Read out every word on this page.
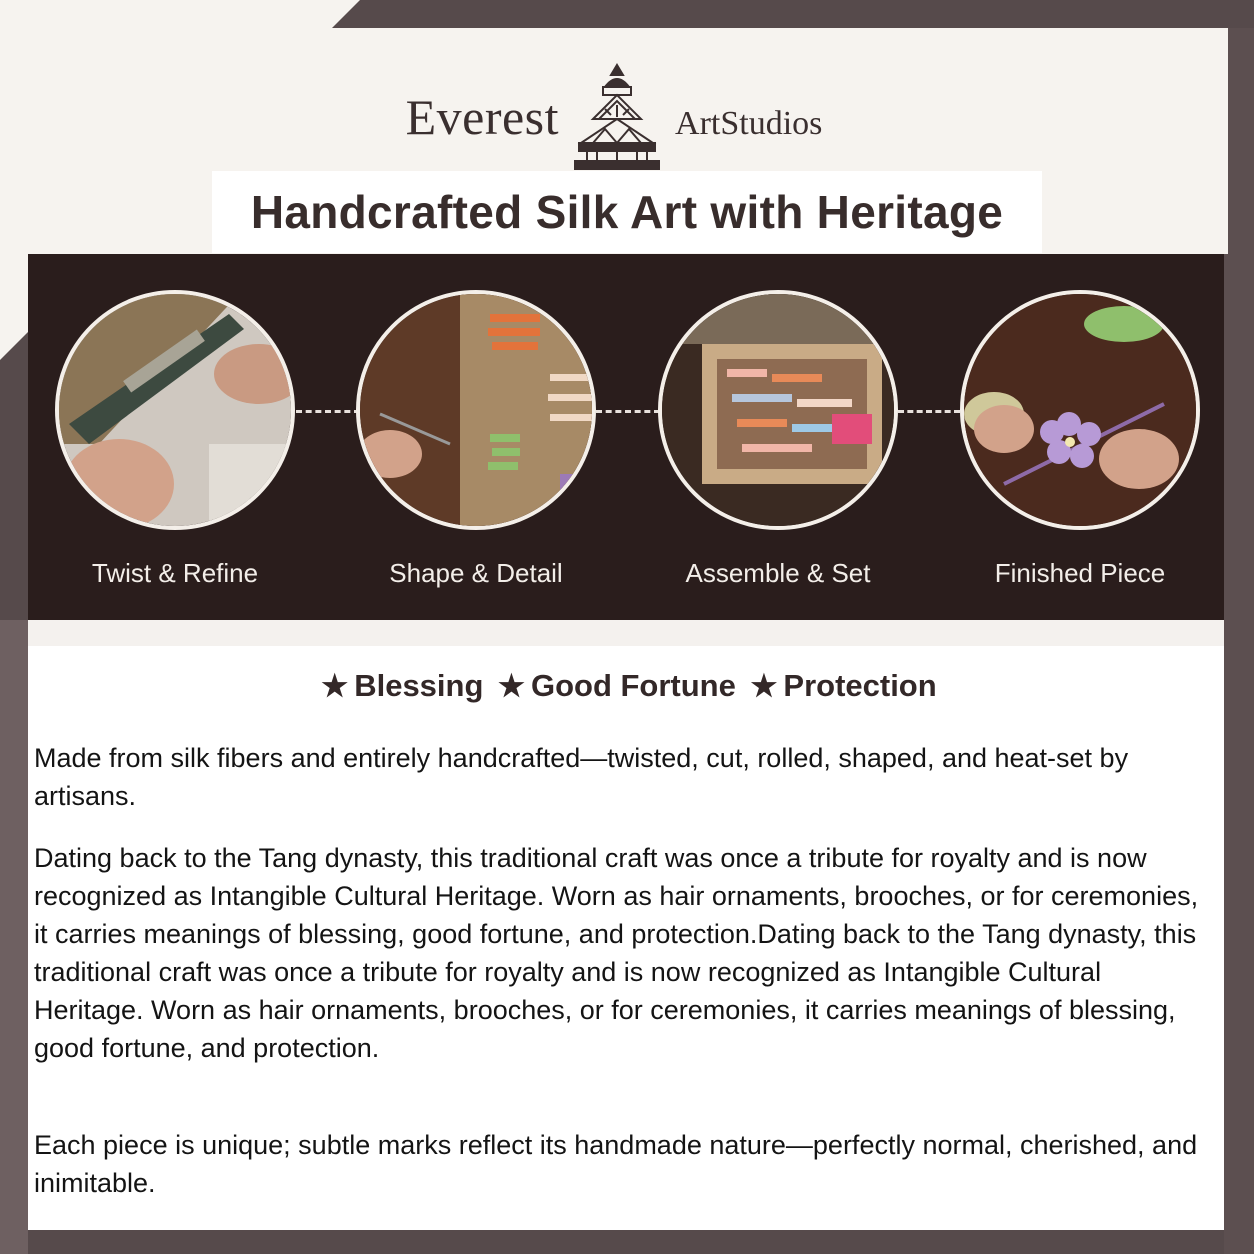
Everest	ArtStudios
Handcrafted Silk Art with Heritage
Twist & Refine	Shape & Detail	Assemble & Set	Finished Piece
★ Blessing ★ Good Fortune ★ Protection
Made from silk fibers and entirely handcrafted—twisted, cut, rolled, shaped, and heat-set by artisans.
Dating back to the Tang dynasty, this traditional craft was once a tribute for royalty and is now recognized as Intangible Cultural Heritage. Worn as hair ornaments, brooches, or for ceremonies, it carries meanings of blessing, good fortune, and protection.Dating back to the Tang dynasty, this traditional craft was once a tribute for royalty and is now recognized as Intangible Cultural Heritage. Worn as hair ornaments, brooches, or for ceremonies, it carries meanings of blessing, good fortune, and protection.
Each piece is unique; subtle marks reflect its handmade nature—perfectly normal, cherished, and inimitable.
